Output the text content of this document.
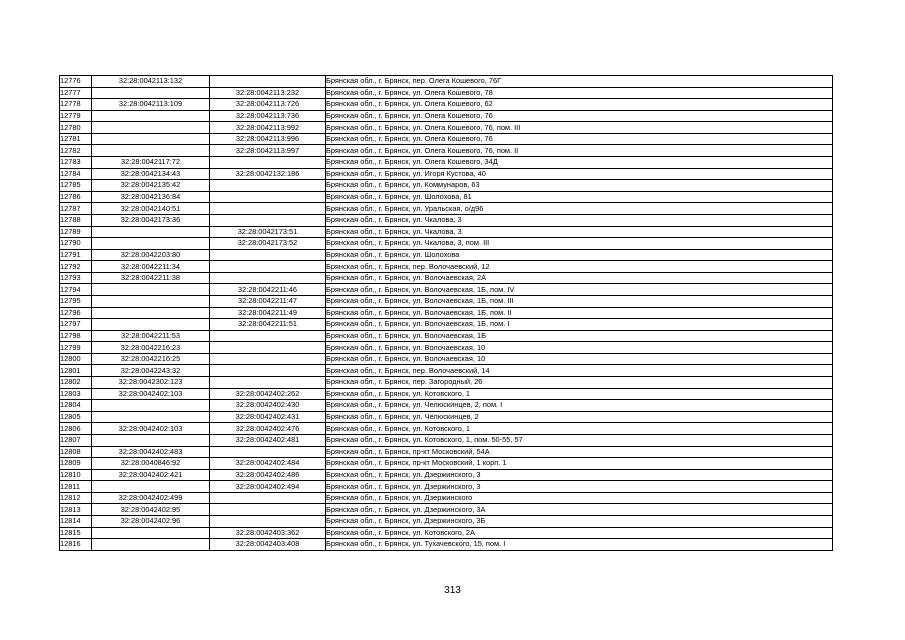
12776	32:28:0042113:132		Брянская обл., г. Брянск, пер. Олега Кошевого, 76Г
12777		32:28:0042113:232	Брянская обл., г. Брянск, ул. Олега Кошевого, 78
12778	32:28:0042113:109	32:28:0042113:726	Брянская обл., г. Брянск, ул. Олега Кошевого, 62
12779		32:28:0042113:736	Брянская обл., г. Брянск, ул. Олега Кошевого, 76
12780		32:28:0042113:992	Брянская обл., г. Брянск, ул. Олега Кошевого, 76, пом. III
12781		32:28:0042113:996	Брянская обл., г. Брянск, ул. Олега Кошевого, 76
12782		32:28:0042113:997	Брянская обл., г. Брянск, ул. Олега Кошевого, 76, пом. II
12783	32:28:0042117:72		Брянская обл., г. Брянск, ул. Олега Кошевого, 34Д
12784	32:28:0042134:43	32:28:0042132:186	Брянская обл., г. Брянск, ул. Игоря Кустова, 40
12785	32:28:0042135:42		Брянская обл., г. Брянск, ул. Коммунаров, 63
12786	32:28:0042136:84		Брянская обл., г. Брянск, ул. Шолохова, 81
12787	32:28:0042140:51		Брянская обл., г. Брянск, ул. Уральская, о/д96
12788	32:28:0042173:36		Брянская обл., г. Брянск, ул. Чкалова, 3
12789		32:28:0042173:51	Брянская обл., г. Брянск, ул. Чкалова, 3
12790		32:28:0042173:52	Брянская обл., г. Брянск, ул. Чкалова, 3, пом. III
12791	32:28:0042203:80		Брянская обл., г. Брянск, ул. Шолохова
12792	32:28:0042211:34		Брянская обл., г. Брянск, пер. Волочаевский, 12
12793	32:28:0042211:38		Брянская обл., г. Брянск, ул. Волочаевская, 2А
12794		32:28:0042211:46	Брянская обл., г. Брянск, ул. Волочаевская, 1Б, пом. IV
12795		32:28:0042211:47	Брянская обл., г. Брянск, ул. Волочаевская, 1Б, пом. III
12796		32:28:0042211:49	Брянская обл., г. Брянск, ул. Волочаевская, 1Б, пом. II
12797		32:28:0042211:51	Брянская обл., г. Брянск, ул. Волочаевская, 1Б, пом. I
12798	32:28:0042211:53		Брянская обл., г. Брянск, ул. Волочаевская, 1Б
12799	32:28:0042216:23		Брянская обл., г. Брянск, ул. Волочаевская, 10
12800	32:28:0042216:25		Брянская обл., г. Брянск, ул. Волочаевская, 10
12801	32:28:0042243:32		Брянская обл., г. Брянск, пер. Волочаевский, 14
12802	32:28:0042302:123		Брянская обл., г. Брянск, пер. Загородный, 26
12803	32:28:0042402:103	32:28:0042402:262	Брянская обл., г. Брянск, ул. Котовского, 1
12804		32:28:0042402:430	Брянская обл., г. Брянск, ул. Челюскинцев, 2, пом. I
12805		32:28:0042402:431	Брянская обл., г. Брянск, ул. Челюскинцев, 2
12806	32:28:0042402:103	32:28:0042402:476	Брянская обл., г. Брянск, ул. Котовского, 1
12807		32:28:0042402:481	Брянская обл., г. Брянск, ул. Котовского, 1, пом. 50-55, 57
12808	32:28:0042402:483		Брянская обл., г. Брянск, пр-кт Московский, 54А
12809	32:28:0040846:92	32:28:0042402:484	Брянская обл., г. Брянск, пр-кт Московский, 1 корп. 1
12810	32:28:0042402:421	32:28:0042402:486	Брянская обл., г. Брянск, ул. Дзержинского, 3
12811		32:28:0042402:494	Брянская обл., г. Брянск, ул. Дзержинского, 3
12812	32:28:0042402:499		Брянская обл., г. Брянск, ул. Дзержинского
12813	32:28:0042402:95		Брянская обл., г. Брянск, ул. Дзержинского, 3А
12814	32:28:0042402:96		Брянская обл., г. Брянск, ул. Дзержинского, 3Б
12815		32:28:0042403:362	Брянская обл., г. Брянск, ул. Котовского, 2А
12816		32:28:0042403:408	Брянская обл., г. Брянск, ул. Тухачевского, 15, пом. I
313
